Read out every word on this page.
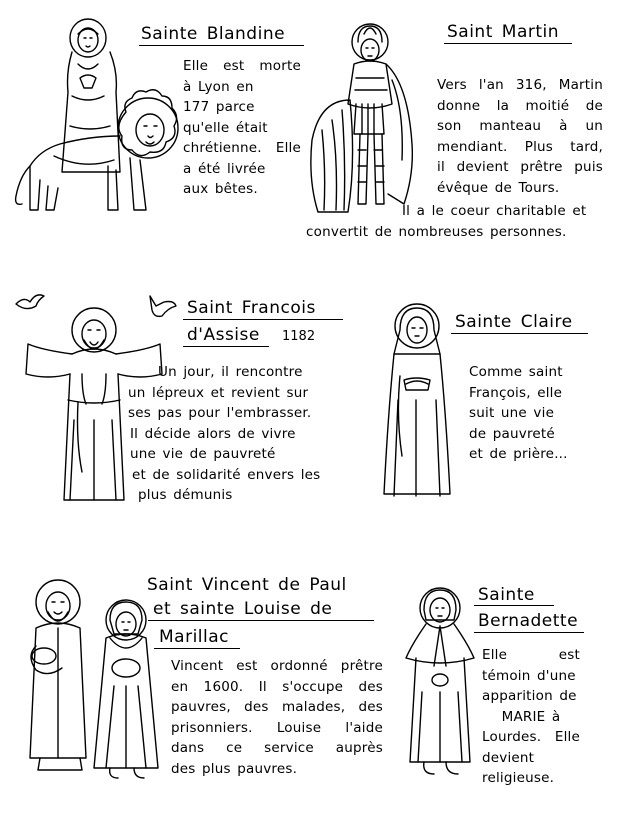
Sainte Blandine
Elle est morte
à Lyon en
177 parce
qu'elle était
chrétienne. Elle
a été livrée
aux bêtes.
Saint Martin
Vers l'an 316, Martin
donne la moitié de
son manteau à un
mendiant. Plus tard,
il devient prêtre puis
évêque de Tours.
Il a le coeur charitable et
convertit de nombreuses personnes.
Saint Francois
d'Assise 1182
Un jour, il rencontre
un lépreux et revient sur
ses pas pour l'embrasser.
Il décide alors de vivre
une vie de pauvreté
et de solidarité envers les
plus démunis
Sainte Claire
Comme saint
François, elle
suit une vie
de pauvreté
et de prière...
Saint Vincent de Paul
et sainte Louise de
Marillac
Vincent est ordonné prêtre
en 1600. Il s'occupe des
pauvres, des malades, des
prisonniers. Louise l'aide
dans ce service auprès
des plus pauvres.
Sainte
Bernadette
Elle est
témoin d'une
apparition de
MARIE à
Lourdes. Elle
devient
religieuse.
